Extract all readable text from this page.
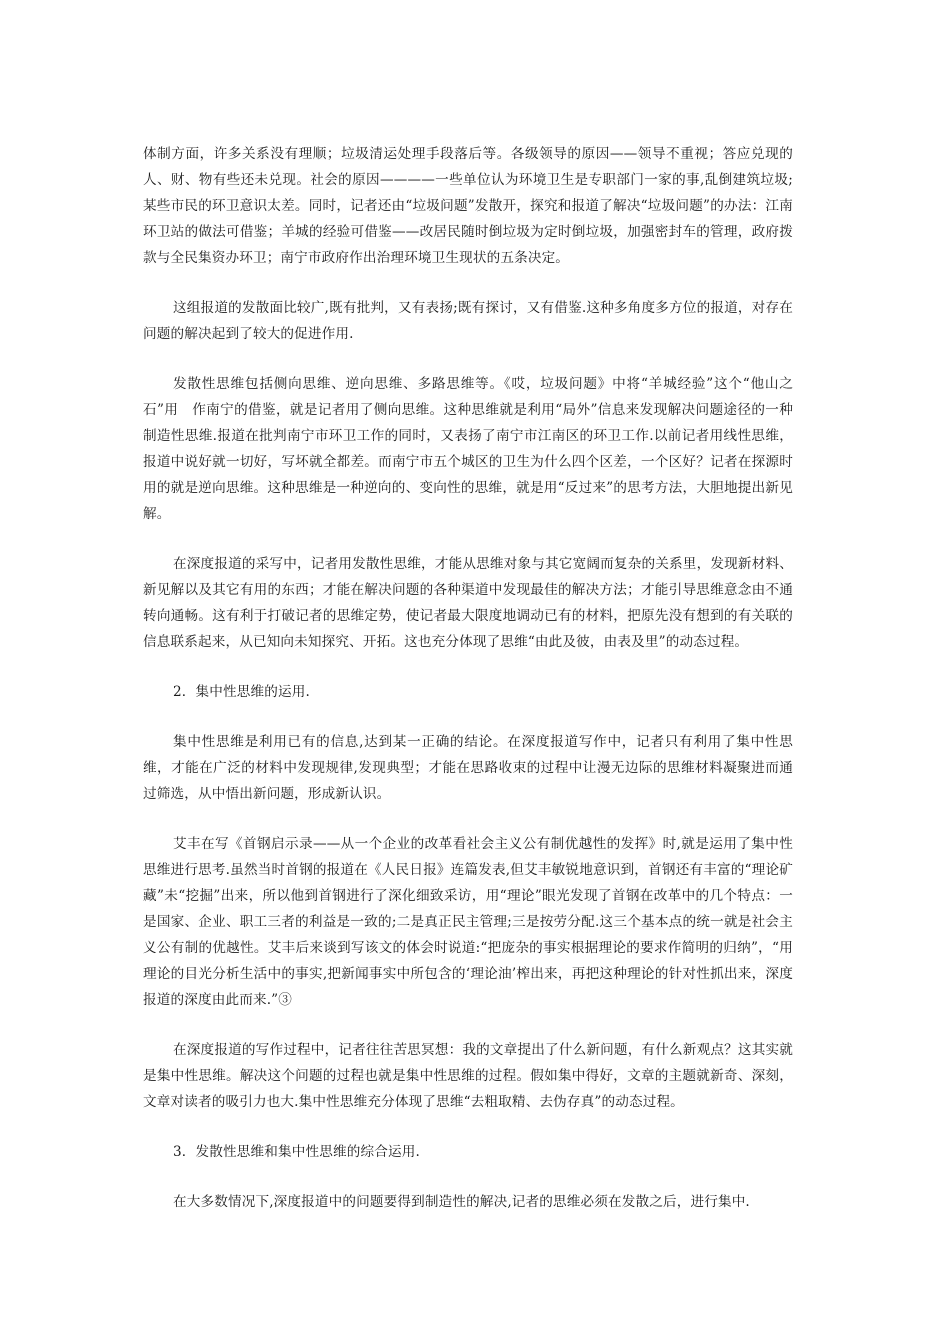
体制方面，许多关系没有理顺；垃圾清运处理手段落后等。各级领导的原因——领导不重视；答应兑现的人、财、物有些还未兑现。社会的原因————一些单位认为环境卫生是专职部门一家的事,乱倒建筑垃圾;某些市民的环卫意识太差。同时，记者还由“垃圾问题”发散开，探究和报道了解决“垃圾问题”的办法：江南环卫站的做法可借鉴；羊城的经验可借鉴——改居民随时倒垃圾为定时倒垃圾，加强密封车的管理，政府拨款与全民集资办环卫；南宁市政府作出治理环境卫生现状的五条决定。

这组报道的发散面比较广,既有批判，又有表扬;既有探讨，又有借鉴.这种多角度多方位的报道，对存在问题的解决起到了较大的促进作用.

发散性思维包括侧向思维、逆向思维、多路思维等。《哎，垃圾问题》中将“羊城经验”这个“他山之石”用　作南宁的借鉴，就是记者用了侧向思维。这种思维就是利用“局外”信息来发现解决问题途径的一种制造性思维.报道在批判南宁市环卫工作的同时，又表扬了南宁市江南区的环卫工作.以前记者用线性思维，报道中说好就一切好，写坏就全都差。而南宁市五个城区的卫生为什么四个区差，一个区好？记者在探源时用的就是逆向思维。这种思维是一种逆向的、变向性的思维，就是用“反过来”的思考方法，大胆地提出新见解。

在深度报道的采写中，记者用发散性思维，才能从思维对象与其它宽阔而复杂的关系里，发现新材料、新见解以及其它有用的东西；才能在解决问题的各种渠道中发现最佳的解决方法；才能引导思维意念由不通转向通畅。这有利于打破记者的思维定势，使记者最大限度地调动已有的材料，把原先没有想到的有关联的信息联系起来，从已知向未知探究、开拓。这也充分体现了思维“由此及彼，由表及里”的动态过程。

2．集中性思维的运用.

集中性思维是利用已有的信息,达到某一正确的结论。在深度报道写作中，记者只有利用了集中性思维，才能在广泛的材料中发现规律,发现典型；才能在思路收束的过程中让漫无边际的思维材料凝聚进而通过筛选，从中悟出新问题，形成新认识。

艾丰在写《首钢启示录——从一个企业的改革看社会主义公有制优越性的发挥》时,就是运用了集中性思维进行思考.虽然当时首钢的报道在《人民日报》连篇发表,但艾丰敏锐地意识到，首钢还有丰富的“理论矿藏”未“挖掘”出来，所以他到首钢进行了深化细致采访，用“理论”眼光发现了首钢在改革中的几个特点：一是国家、企业、职工三者的利益是一致的;二是真正民主管理;三是按劳分配.这三个基本点的统一就是社会主义公有制的优越性。艾丰后来谈到写该文的体会时说道:“把庞杂的事实根据理论的要求作简明的归纳”，“用理论的目光分析生活中的事实,把新闻事实中所包含的‘理论油’榨出来，再把这种理论的针对性抓出来，深度报道的深度由此而来.”③

在深度报道的写作过程中，记者往往苦思冥想：我的文章提出了什么新问题，有什么新观点？这其实就是集中性思维。解决这个问题的过程也就是集中性思维的过程。假如集中得好，文章的主题就新奇、深刻，文章对读者的吸引力也大.集中性思维充分体现了思维“去粗取精、去伪存真”的动态过程。

3．发散性思维和集中性思维的综合运用.

在大多数情况下,深度报道中的问题要得到制造性的解决,记者的思维必须在发散之后，进行集中.
